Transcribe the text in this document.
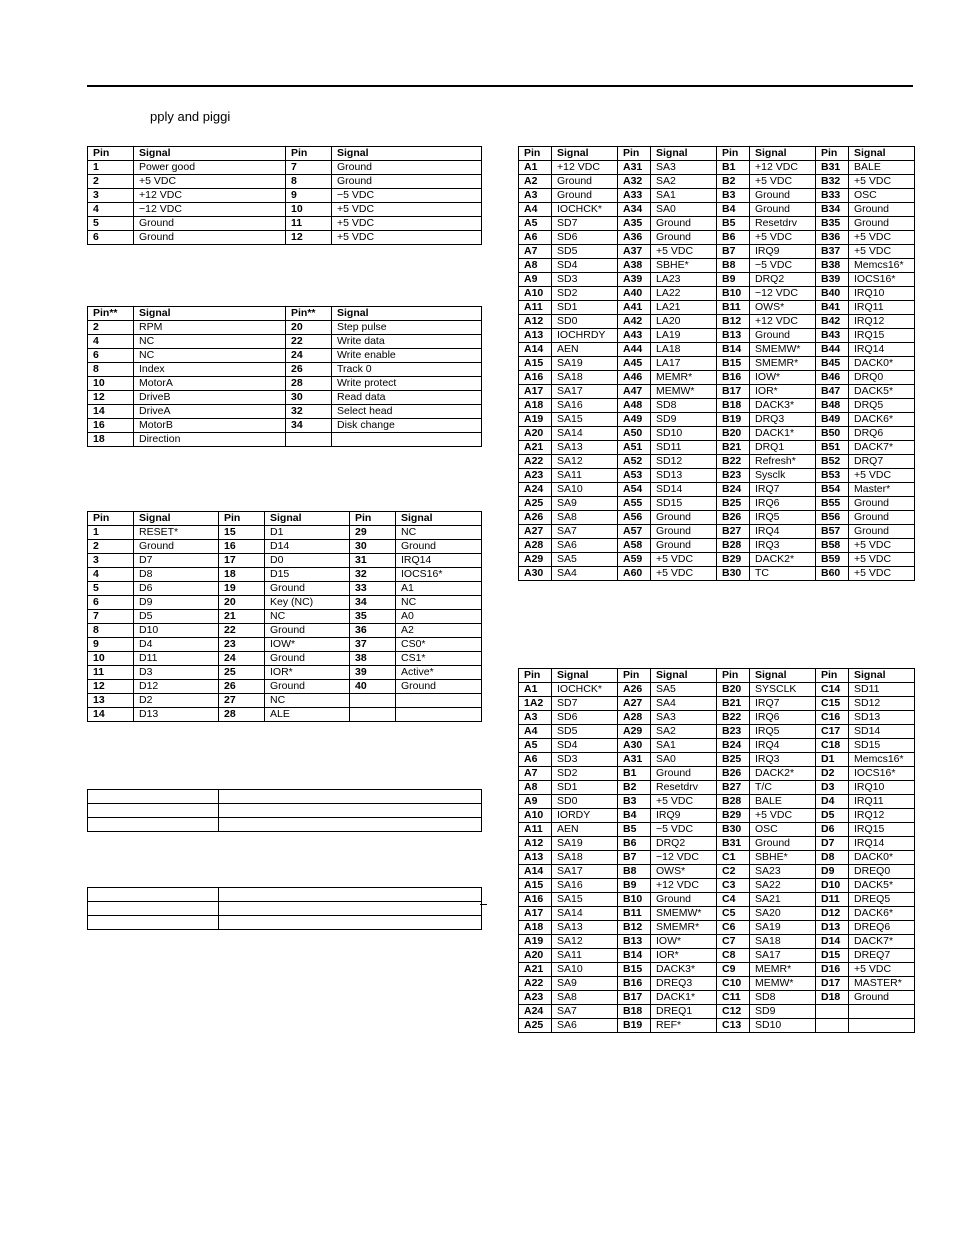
pply and piggi
Pin	Signal	Pin	Signal
1	Power good	7	Ground
2	+5 VDC	8	Ground
3	+12 VDC	9	−5 VDC
4	−12 VDC	10	+5 VDC
5	Ground	11	+5 VDC
6	Ground	12	+5 VDC
Pin**	Signal	Pin**	Signal
2	RPM	20	Step pulse
4	NC	22	Write data
6	NC	24	Write enable
8	Index	26	Track 0
10	MotorA	28	Write protect
12	DriveB	30	Read data
14	DriveA	32	Select head
16	MotorB	34	Disk change
18	Direction		
Pin	Signal	Pin	Signal	Pin	Signal
1	RESET*	15	D1	29	NC
2	Ground	16	D14	30	Ground
3	D7	17	D0	31	IRQ14
4	D8	18	D15	32	IOCS16*
5	D6	19	Ground	33	A1
6	D9	20	Key (NC)	34	NC
7	D5	21	NC	35	A0
8	D10	22	Ground	36	A2
9	D4	23	IOW*	37	CS0*
10	D11	24	Ground	38	CS1*
11	D3	25	IOR*	39	Active*
12	D12	26	Ground	40	Ground
13	D2	27	NC		
14	D13	28	ALE		

Pin	Signal	Pin	Signal	Pin	Signal	Pin	Signal
A1	+12 VDC	A31	SA3	B1	+12 VDC	B31	BALE
A2	Ground	A32	SA2	B2	+5 VDC	B32	+5 VDC
A3	Ground	A33	SA1	B3	Ground	B33	OSC
A4	IOCHCK*	A34	SA0	B4	Ground	B34	Ground
A5	SD7	A35	Ground	B5	Resetdrv	B35	Ground
A6	SD6	A36	Ground	B6	+5 VDC	B36	+5 VDC
A7	SD5	A37	+5 VDC	B7	IRQ9	B37	+5 VDC
A8	SD4	A38	SBHE*	B8	−5 VDC	B38	Memcs16*
A9	SD3	A39	LA23	B9	DRQ2	B39	IOCS16*
A10	SD2	A40	LA22	B10	−12 VDC	B40	IRQ10
A11	SD1	A41	LA21	B11	OWS*	B41	IRQ11
A12	SD0	A42	LA20	B12	+12 VDC	B42	IRQ12
A13	IOCHRDY	A43	LA19	B13	Ground	B43	IRQ15
A14	AEN	A44	LA18	B14	SMEMW*	B44	IRQ14
A15	SA19	A45	LA17	B15	SMEMR*	B45	DACK0*
A16	SA18	A46	MEMR*	B16	IOW*	B46	DRQ0
A17	SA17	A47	MEMW*	B17	IOR*	B47	DACK5*
A18	SA16	A48	SD8	B18	DACK3*	B48	DRQ5
A19	SA15	A49	SD9	B19	DRQ3	B49	DACK6*
A20	SA14	A50	SD10	B20	DACK1*	B50	DRQ6
A21	SA13	A51	SD11	B21	DRQ1	B51	DACK7*
A22	SA12	A52	SD12	B22	Refresh*	B52	DRQ7
A23	SA11	A53	SD13	B23	Sysclk	B53	+5 VDC
A24	SA10	A54	SD14	B24	IRQ7	B54	Master*
A25	SA9	A55	SD15	B25	IRQ6	B55	Ground
A26	SA8	A56	Ground	B26	IRQ5	B56	Ground
A27	SA7	A57	Ground	B27	IRQ4	B57	Ground
A28	SA6	A58	Ground	B28	IRQ3	B58	+5 VDC
A29	SA5	A59	+5 VDC	B29	DACK2*	B59	+5 VDC
A30	SA4	A60	+5 VDC	B30	TC	B60	+5 VDC
Pin	Signal	Pin	Signal	Pin	Signal	Pin	Signal
A1	IOCHCK*	A26	SA5	B20	SYSCLK	C14	SD11
1A2	SD7	A27	SA4	B21	IRQ7	C15	SD12
A3	SD6	A28	SA3	B22	IRQ6	C16	SD13
A4	SD5	A29	SA2	B23	IRQ5	C17	SD14
A5	SD4	A30	SA1	B24	IRQ4	C18	SD15
A6	SD3	A31	SA0	B25	IRQ3	D1	Memcs16*
A7	SD2	B1	Ground	B26	DACK2*	D2	IOCS16*
A8	SD1	B2	Resetdrv	B27	T/C	D3	IRQ10
A9	SD0	B3	+5 VDC	B28	BALE	D4	IRQ11
A10	IORDY	B4	IRQ9	B29	+5 VDC	D5	IRQ12
A11	AEN	B5	−5 VDC	B30	OSC	D6	IRQ15
A12	SA19	B6	DRQ2	B31	Ground	D7	IRQ14
A13	SA18	B7	−12 VDC	C1	SBHE*	D8	DACK0*
A14	SA17	B8	OWS*	C2	SA23	D9	DREQ0
A15	SA16	B9	+12 VDC	C3	SA22	D10	DACK5*
A16	SA15	B10	Ground	C4	SA21	D11	DREQ5
A17	SA14	B11	SMEMW*	C5	SA20	D12	DACK6*
A18	SA13	B12	SMEMR*	C6	SA19	D13	DREQ6
A19	SA12	B13	IOW*	C7	SA18	D14	DACK7*
A20	SA11	B14	IOR*	C8	SA17	D15	DREQ7
A21	SA10	B15	DACK3*	C9	MEMR*	D16	+5 VDC
A22	SA9	B16	DREQ3	C10	MEMW*	D17	MASTER*
A23	SA8	B17	DACK1*	C11	SD8	D18	Ground
A24	SA7	B18	DREQ1	C12	SD9		
A25	SA6	B19	REF*	C13	SD10		
